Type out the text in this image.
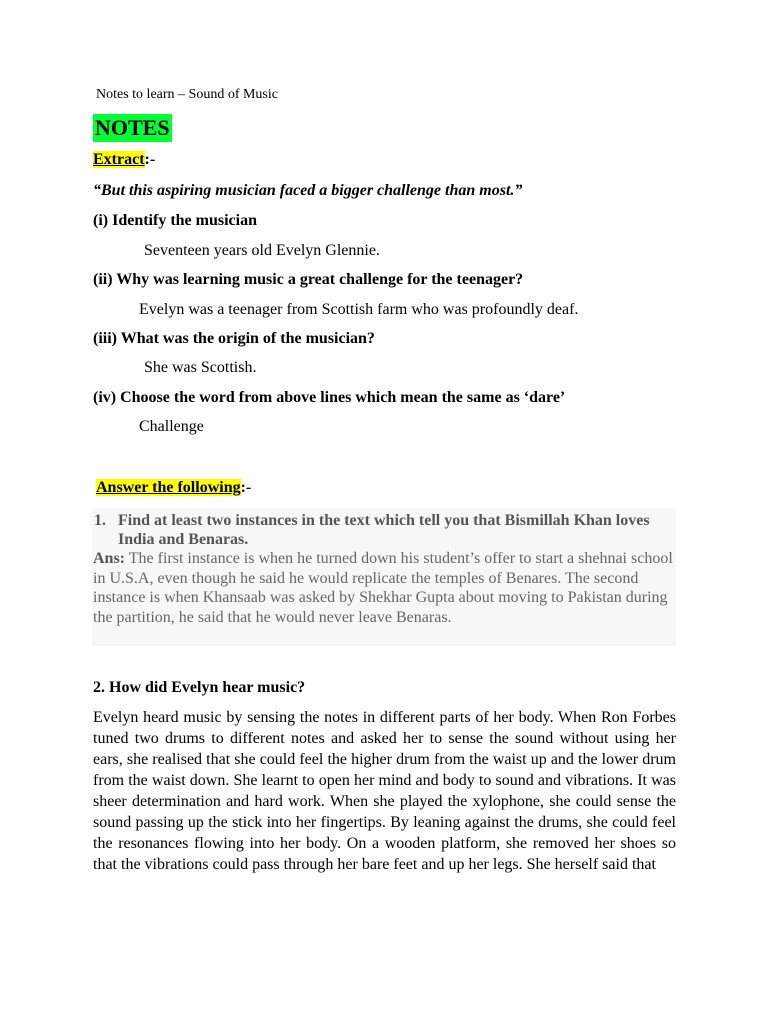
Notes to learn – Sound of Music
NOTES
Extract:-
“But this aspiring musician faced a bigger challenge than most.”
(i) Identify the musician
Seventeen years old Evelyn Glennie.
(ii) Why was learning music a great challenge for the teenager?
Evelyn was a teenager from Scottish farm who was profoundly deaf.
(iii) What was the origin of the musician?
She was Scottish.
(iv) Choose the word from above lines which mean the same as ‘dare’
Challenge
Answer the following:-
1. Find at least two instances in the text which tell you that Bismillah Khan loves India and Benaras.
Ans: The first instance is when he turned down his student’s offer to start a shehnai school in U.S.A, even though he said he would replicate the temples of Benares. The second instance is when Khansaab was asked by Shekhar Gupta about moving to Pakistan during the partition, he said that he would never leave Benaras.
2. How did Evelyn hear music?
Evelyn heard music by sensing the notes in different parts of her body. When Ron Forbes tuned two drums to different notes and asked her to sense the sound without using her ears, she realised that she could feel the higher drum from the waist up and the lower drum from the waist down. She learnt to open her mind and body to sound and vibrations. It was sheer determination and hard work. When she played the xylophone, she could sense the sound passing up the stick into her fingertips. By leaning against the drums, she could feel the resonances flowing into her body. On a wooden platform, she removed her shoes so that the vibrations could pass through her bare feet and up her legs. She herself said that
